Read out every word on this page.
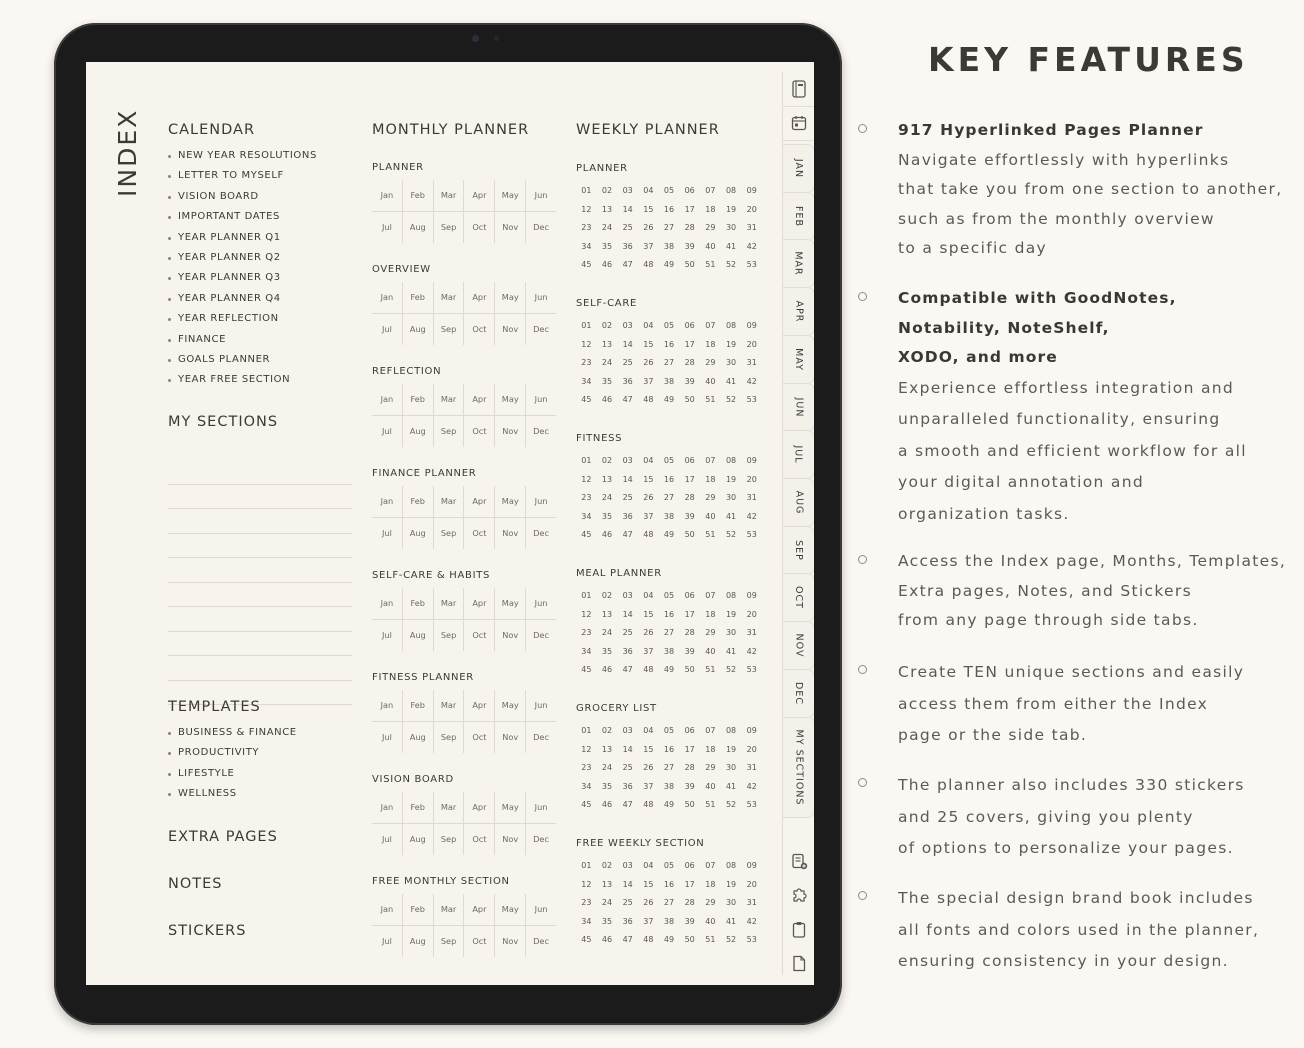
INDEX CALENDAR
NEW YEAR RESOLUTIONS
LETTER TO MYSELF
VISION BOARD
IMPORTANT DATES
YEAR PLANNER Q1
YEAR PLANNER Q2
YEAR PLANNER Q3
YEAR PLANNER Q4
YEAR REFLECTION
FINANCE
GOALS PLANNER
YEAR FREE SECTION
MY SECTIONS
TEMPLATES
BUSINESS & FINANCE
PRODUCTIVITY
LIFESTYLE
WELLNESS
EXTRA PAGES
NOTES
STICKERS
MONTHLY PLANNER
PLANNER
Jan	Feb	Mar	Apr	May	Jun
Jul	Aug	Sep	Oct	Nov	Dec
OVERVIEW
Jan	Feb	Mar	Apr	May	Jun
Jul	Aug	Sep	Oct	Nov	Dec
REFLECTION
Jan	Feb	Mar	Apr	May	Jun
Jul	Aug	Sep	Oct	Nov	Dec
FINANCE PLANNER
Jan	Feb	Mar	Apr	May	Jun
Jul	Aug	Sep	Oct	Nov	Dec
SELF-CARE & HABITS
Jan	Feb	Mar	Apr	May	Jun
Jul	Aug	Sep	Oct	Nov	Dec
FITNESS PLANNER
Jan	Feb	Mar	Apr	May	Jun
Jul	Aug	Sep	Oct	Nov	Dec
VISION BOARD
Jan	Feb	Mar	Apr	May	Jun
Jul	Aug	Sep	Oct	Nov	Dec
FREE MONTHLY SECTION
Jan	Feb	Mar	Apr	May	Jun
Jul	Aug	Sep	Oct	Nov	Dec
WEEKLY PLANNER
PLANNER
01	02	03	04	05	06	07	08	09
12	13	14	15	16	17	18	19	20
23	24	25	26	27	28	29	30	31
34	35	36	37	38	39	40	41	42
45	46	47	48	49	50	51	52	53
SELF-CARE
01	02	03	04	05	06	07	08	09
12	13	14	15	16	17	18	19	20
23	24	25	26	27	28	29	30	31
34	35	36	37	38	39	40	41	42
45	46	47	48	49	50	51	52	53
FITNESS
01	02	03	04	05	06	07	08	09
12	13	14	15	16	17	18	19	20
23	24	25	26	27	28	29	30	31
34	35	36	37	38	39	40	41	42
45	46	47	48	49	50	51	52	53
MEAL PLANNER
01	02	03	04	05	06	07	08	09
12	13	14	15	16	17	18	19	20
23	24	25	26	27	28	29	30	31
34	35	36	37	38	39	40	41	42
45	46	47	48	49	50	51	52	53
GROCERY LIST
01	02	03	04	05	06	07	08	09
12	13	14	15	16	17	18	19	20
23	24	25	26	27	28	29	30	31
34	35	36	37	38	39	40	41	42
45	46	47	48	49	50	51	52	53
FREE WEEKLY SECTION
01	02	03	04	05	06	07	08	09
12	13	14	15	16	17	18	19	20
23	24	25	26	27	28	29	30	31
34	35	36	37	38	39	40	41	42
45	46	47	48	49	50	51	52	53
MY SECTIONS
JAN
FEB
MAR
APR
MAY
JUN
JUL
AUG
SEP
OCT
NOV
DEC
KEY FEATURES
917 Hyperlinked Pages Planner
Navigate effortlessly with hyperlinks
that take you from one section to another,
such as from the monthly overview
to a specific day
Compatible with GoodNotes,
Notability, NoteShelf,
XODO, and more
Experience effortless integration and
unparalleled functionality, ensuring
a smooth and efficient workflow for all
your digital annotation and
organization tasks.
Access the Index page, Months, Templates,
Extra pages, Notes, and Stickers
from any page through side tabs.
Create TEN unique sections and easily
access them from either the Index
page or the side tab.
The planner also includes 330 stickers
and 25 covers, giving you plenty
of options to personalize your pages.
The special design brand book includes
all fonts and colors used in the planner,
ensuring consistency in your design.
